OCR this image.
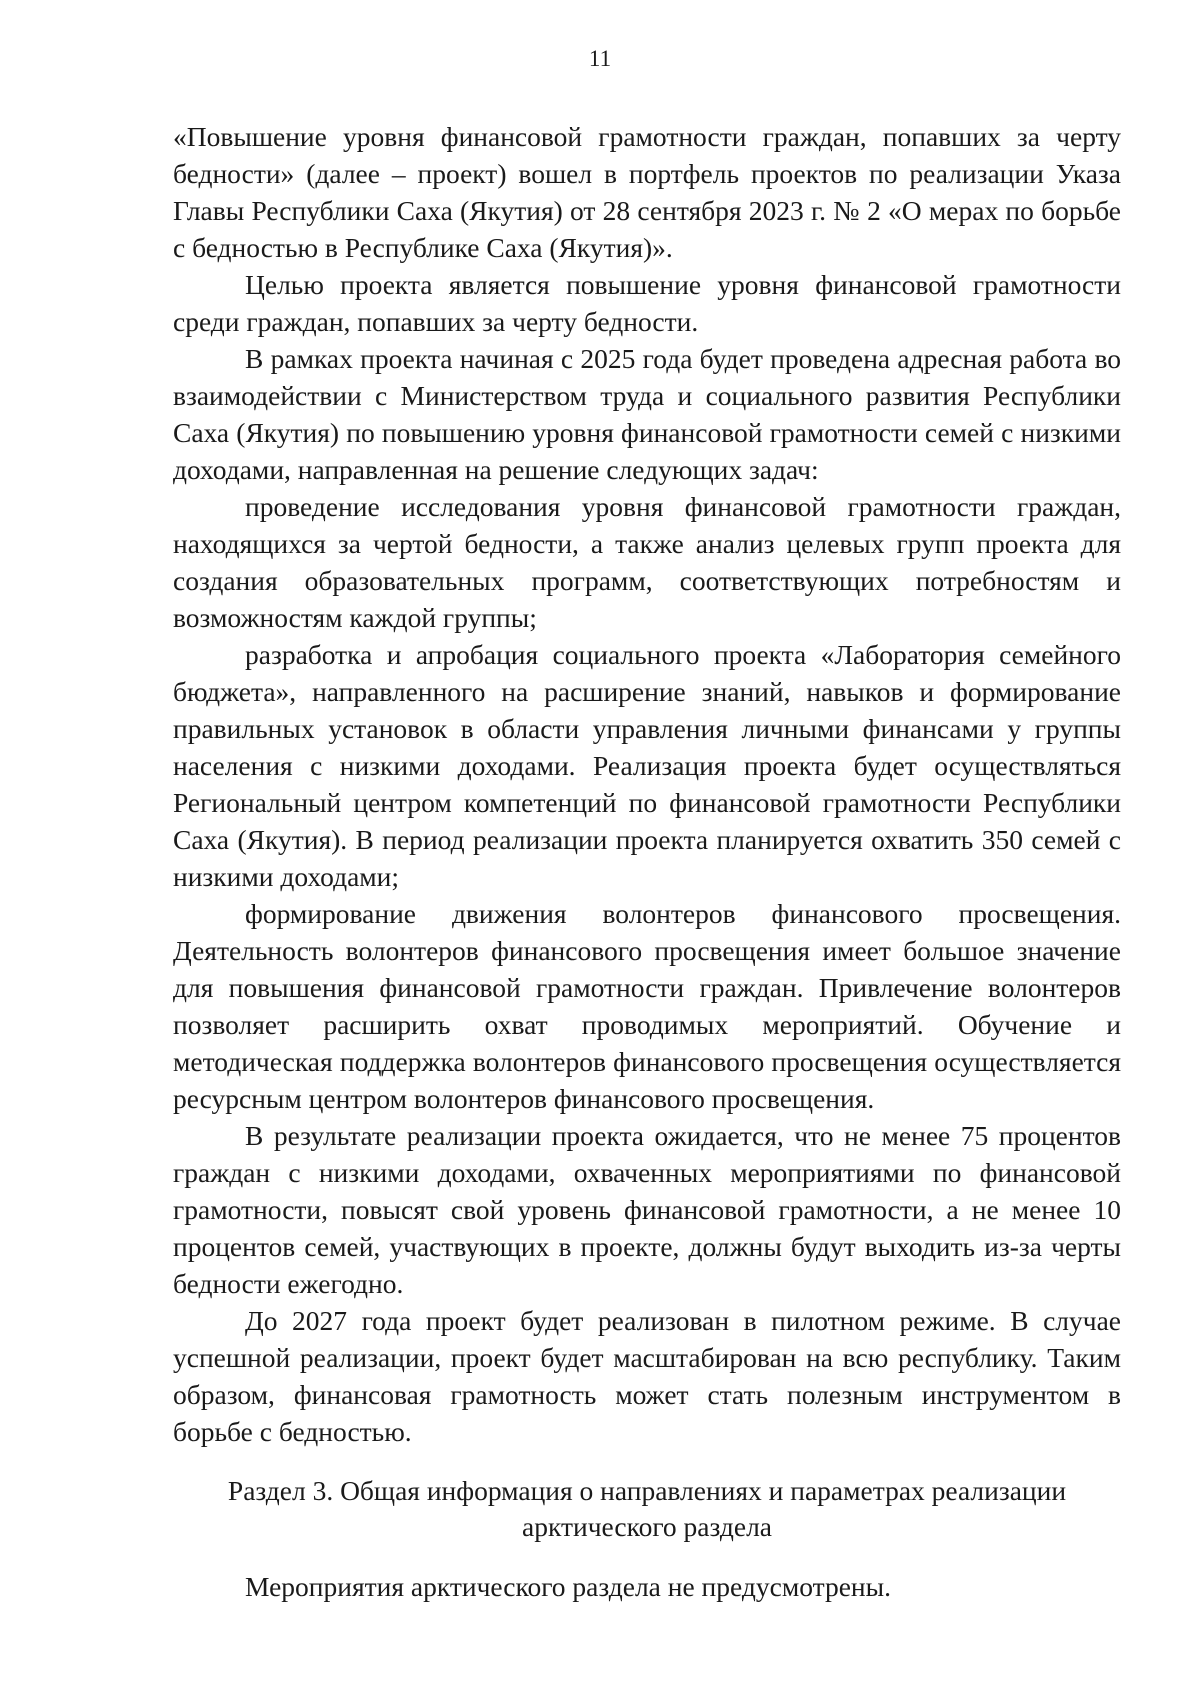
11

«Повышение уровня финансовой грамотности граждан, попавших за черту бедности» (далее – проект) вошел в портфель проектов по реализации Указа Главы Республики Саха (Якутия) от 28 сентября 2023 г. № 2 «О мерах по борьбе с бедностью в Республике Саха (Якутия)».

Целью проекта является повышение уровня финансовой грамотности среди граждан, попавших за черту бедности.

В рамках проекта начиная с 2025 года будет проведена адресная работа во взаимодействии с Министерством труда и социального развития Республики Саха (Якутия) по повышению уровня финансовой грамотности семей с низкими доходами, направленная на решение следующих задач:

проведение исследования уровня финансовой грамотности граждан, находящихся за чертой бедности, а также анализ целевых групп проекта для создания образовательных программ, соответствующих потребностям и возможностям каждой группы;

разработка и апробация социального проекта «Лаборатория семейного бюджета», направленного на расширение знаний, навыков и формирование правильных установок в области управления личными финансами у группы населения с низкими доходами. Реализация проекта будет осуществляться Региональный центром компетенций по финансовой грамотности Республики Саха (Якутия). В период реализации проекта планируется охватить 350 семей с низкими доходами;

формирование движения волонтеров финансового просвещения. Деятельность волонтеров финансового просвещения имеет большое значение для повышения финансовой грамотности граждан. Привлечение волонтеров позволяет расширить охват проводимых мероприятий. Обучение и методическая поддержка волонтеров финансового просвещения осуществляется ресурсным центром волонтеров финансового просвещения.

В результате реализации проекта ожидается, что не менее 75 процентов граждан с низкими доходами, охваченных мероприятиями по финансовой грамотности, повысят свой уровень финансовой грамотности, а не менее 10 процентов семей, участвующих в проекте, должны будут выходить из-за черты бедности ежегодно.

До 2027 года проект будет реализован в пилотном режиме. В случае успешной реализации, проект будет масштабирован на всю республику. Таким образом, финансовая грамотность может стать полезным инструментом в борьбе с бедностью.

Раздел 3. Общая информация о направлениях и параметрах реализации арктического раздела

Мероприятия арктического раздела не предусмотрены.
